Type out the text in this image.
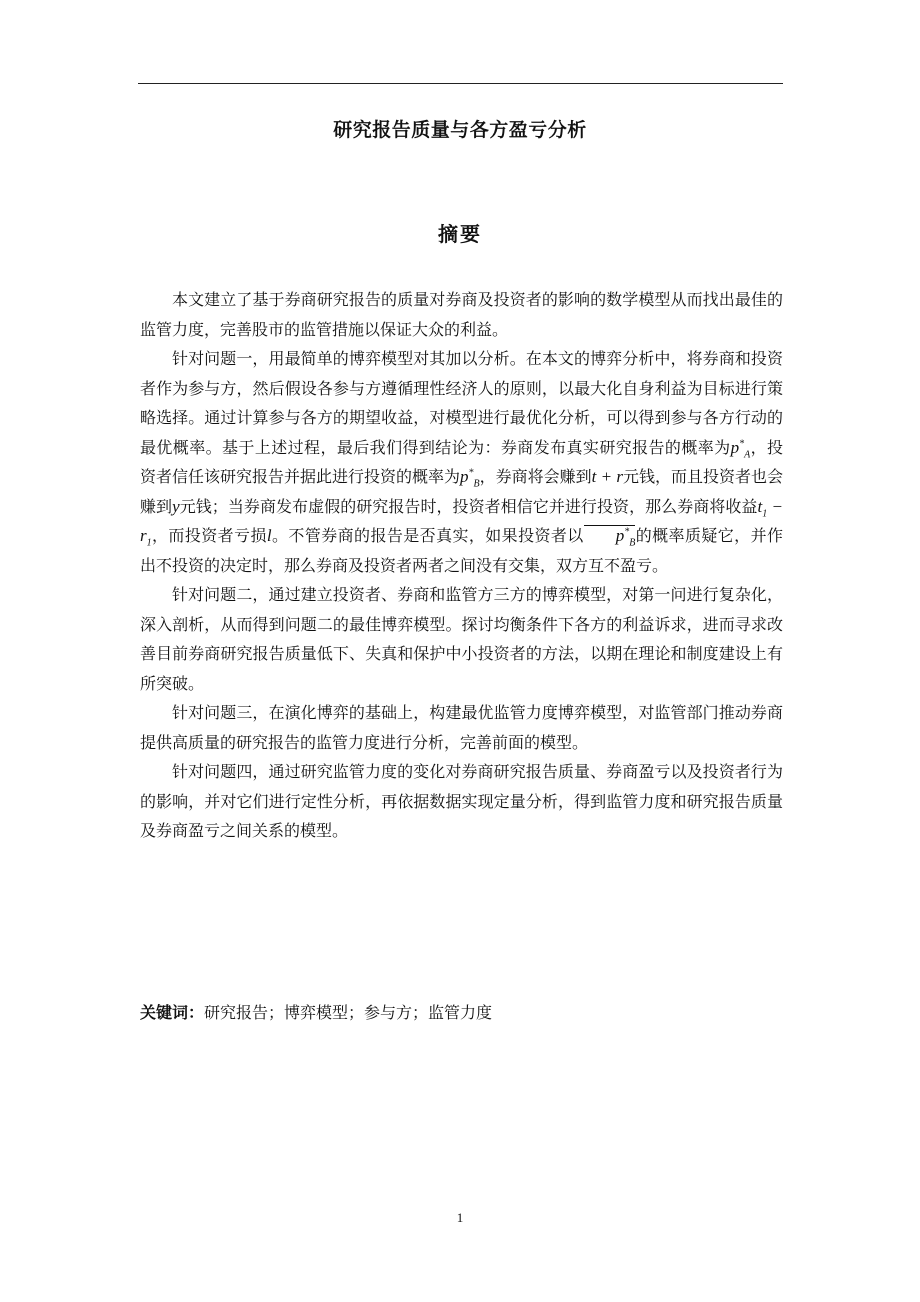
研究报告质量与各方盈亏分析
摘要

本文建立了基于券商研究报告的质量对券商及投资者的影响的数学模型从而找出最佳的监管力度，完善股市的监管措施以保证大众的利益。

针对问题一，用最简单的博弈模型对其加以分析。在本文的博弈分析中，将券商和投资者作为参与方，然后假设各参与方遵循理性经济人的原则，以最大化自身利益为目标进行策略选择。通过计算参与各方的期望收益，对模型进行最优化分析，可以得到参与各方行动的最优概率。基于上述过程，最后我们得到结论为：券商发布真实研究报告的概率为$p^*_A$，投资者信任该研究报告并据此进行投资的概率为$p^*_B$，券商将会赚到t + r元钱，而且投资者也会赚到y元钱；当券商发布虚假的研究报告时，投资者相信它并进行投资，那么券商将收益$t_1 - r_1$，而投资者亏损l。不管券商的报告是否真实，如果投资者以 $p^*_B$的概率质疑它，并作出不投资的决定时，那么券商及投资者两者之间没有交集，双方互不盈亏。

针对问题二，通过建立投资者、券商和监管方三方的博弈模型，对第一问进行复杂化，深入剖析，从而得到问题二的最佳博弈模型。探讨均衡条件下各方的利益诉求，进而寻求改善目前券商研究报告质量低下、失真和保护中小投资者的方法，以期在理论和制度建设上有所突破。

针对问题三，在演化博弈的基础上，构建最优监管力度博弈模型，对监管部门推动券商提供高质量的研究报告的监管力度进行分析，完善前面的模型。

针对问题四，通过研究监管力度的变化对券商研究报告质量、券商盈亏以及投资者行为的影响，并对它们进行定性分析，再依据数据实现定量分析，得到监管力度和研究报告质量及券商盈亏之间关系的模型。

关键词：研究报告；博弈模型；参与方；监管力度
1
